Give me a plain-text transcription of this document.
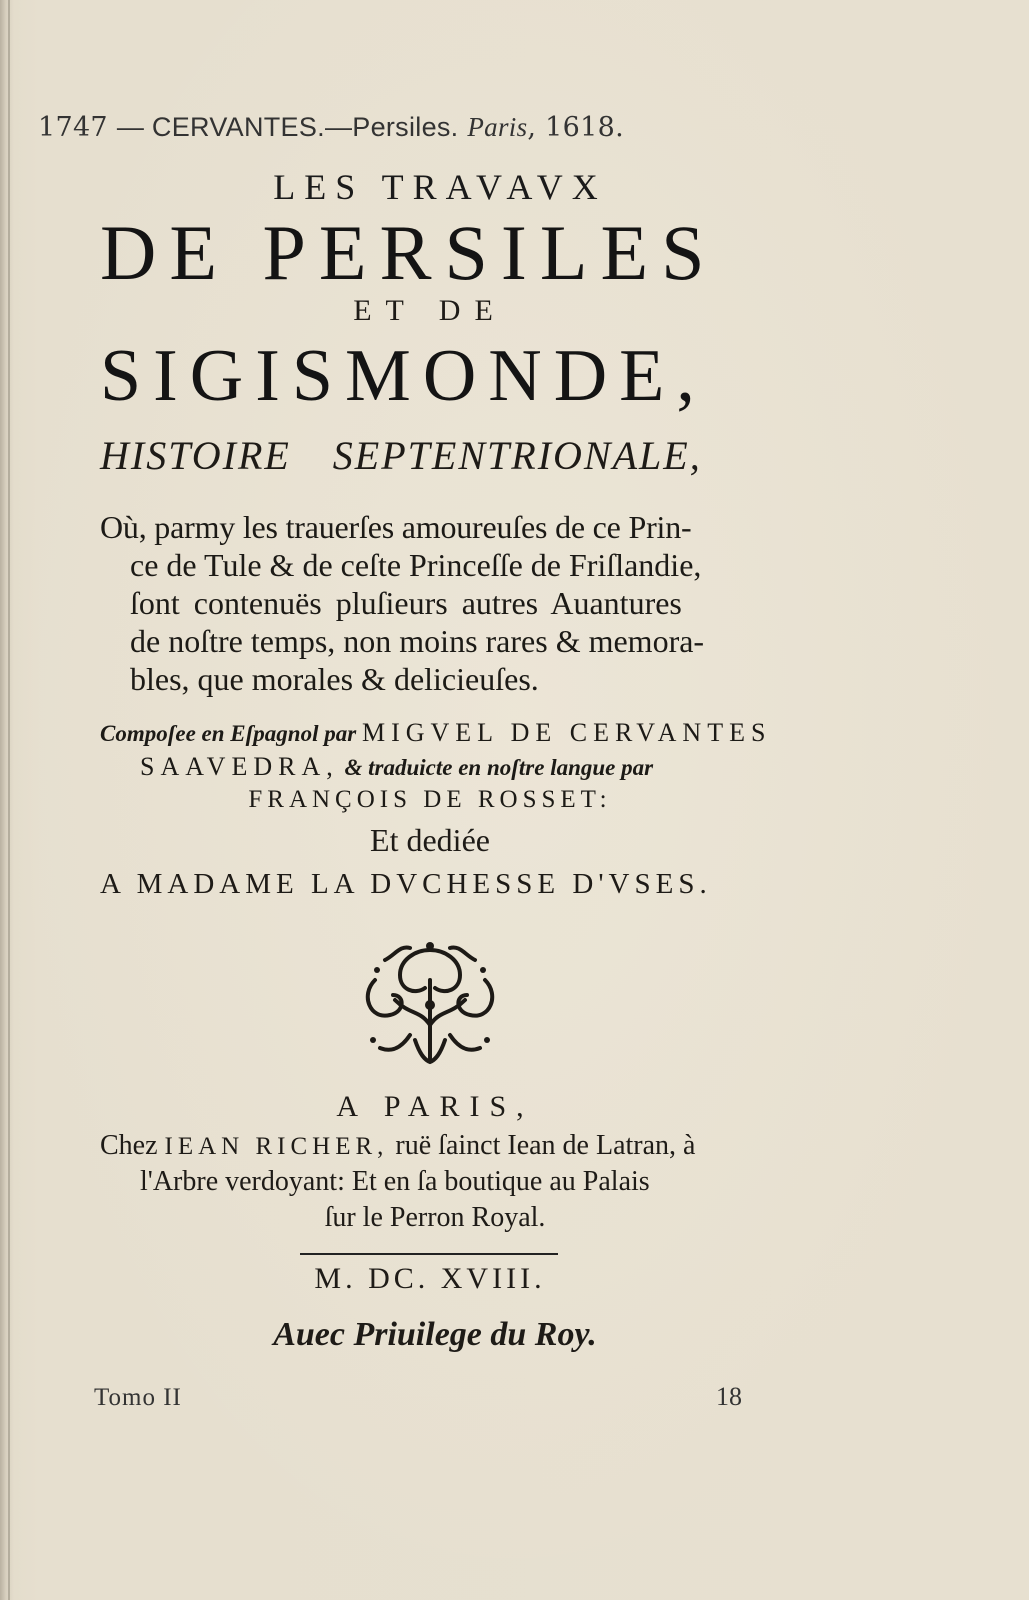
1747 — CERVANTES.—Persiles. Paris, 1618.
LES TRAVAVX
DE PERSILES
ET DE
SIGISMONDE,
HISTOIRE SEPTENTRIONALE,
Où, parmy les trauerſes amoureuſes de ce Prin-
ce de Tule & de ceſte Princeſſe de Friſlandie,
ſont contenuës pluſieurs autres Auantures
de noſtre temps, non moins rares & memora-
bles, que morales & delicieuſes.
Compoſee en Eſpagnol par MIGVEL DE CERVANTES
SAAVEDRA, & traduicte en noſtre langue par
FRANÇOIS DE ROSSET:
Et dediée
A MADAME LA DVCHESSE D'VSES.
A PARIS,
Chez IEAN RICHER, ruë ſainct Iean de Latran, à
l'Arbre verdoyant: Et en ſa boutique au Palais
ſur le Perron Royal.
M. DC. XVIII.
Auec Priuilege du Roy.
Tomo II	18
